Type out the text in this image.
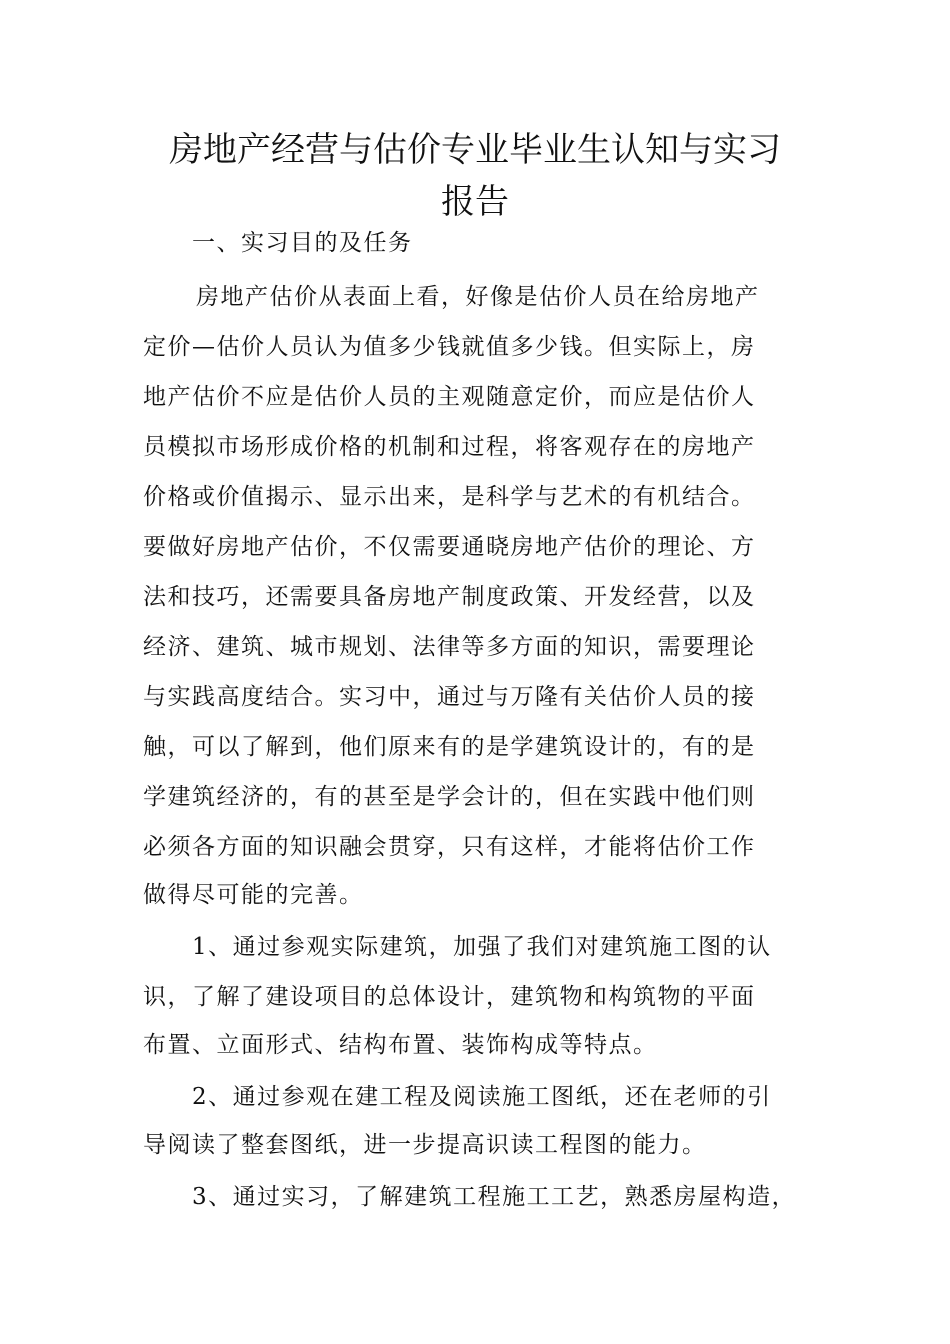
房地产经营与估价专业毕业生认知与实习
报告
一、实习目的及任务
房地产估价从表面上看，好像是估价人员在给房地产
定价—估价人员认为值多少钱就值多少钱。但实际上，房
地产估价不应是估价人员的主观随意定价，而应是估价人
员模拟市场形成价格的机制和过程，将客观存在的房地产
价格或价值揭示、显示出来，是科学与艺术的有机结合。
要做好房地产估价，不仅需要通晓房地产估价的理论、方
法和技巧，还需要具备房地产制度政策、开发经营，以及
经济、建筑、城市规划、法律等多方面的知识，需要理论
与实践高度结合。实习中，通过与万隆有关估价人员的接
触，可以了解到，他们原来有的是学建筑设计的，有的是
学建筑经济的，有的甚至是学会计的，但在实践中他们则
必须各方面的知识融会贯穿，只有这样，才能将估价工作
做得尽可能的完善。
1、通过参观实际建筑，加强了我们对建筑施工图的认
识，了解了建设项目的总体设计，建筑物和构筑物的平面
布置、立面形式、结构布置、装饰构成等特点。
2、通过参观在建工程及阅读施工图纸，还在老师的引
导阅读了整套图纸，进一步提高识读工程图的能力。
3、通过实习，了解建筑工程施工工艺，熟悉房屋构造，
